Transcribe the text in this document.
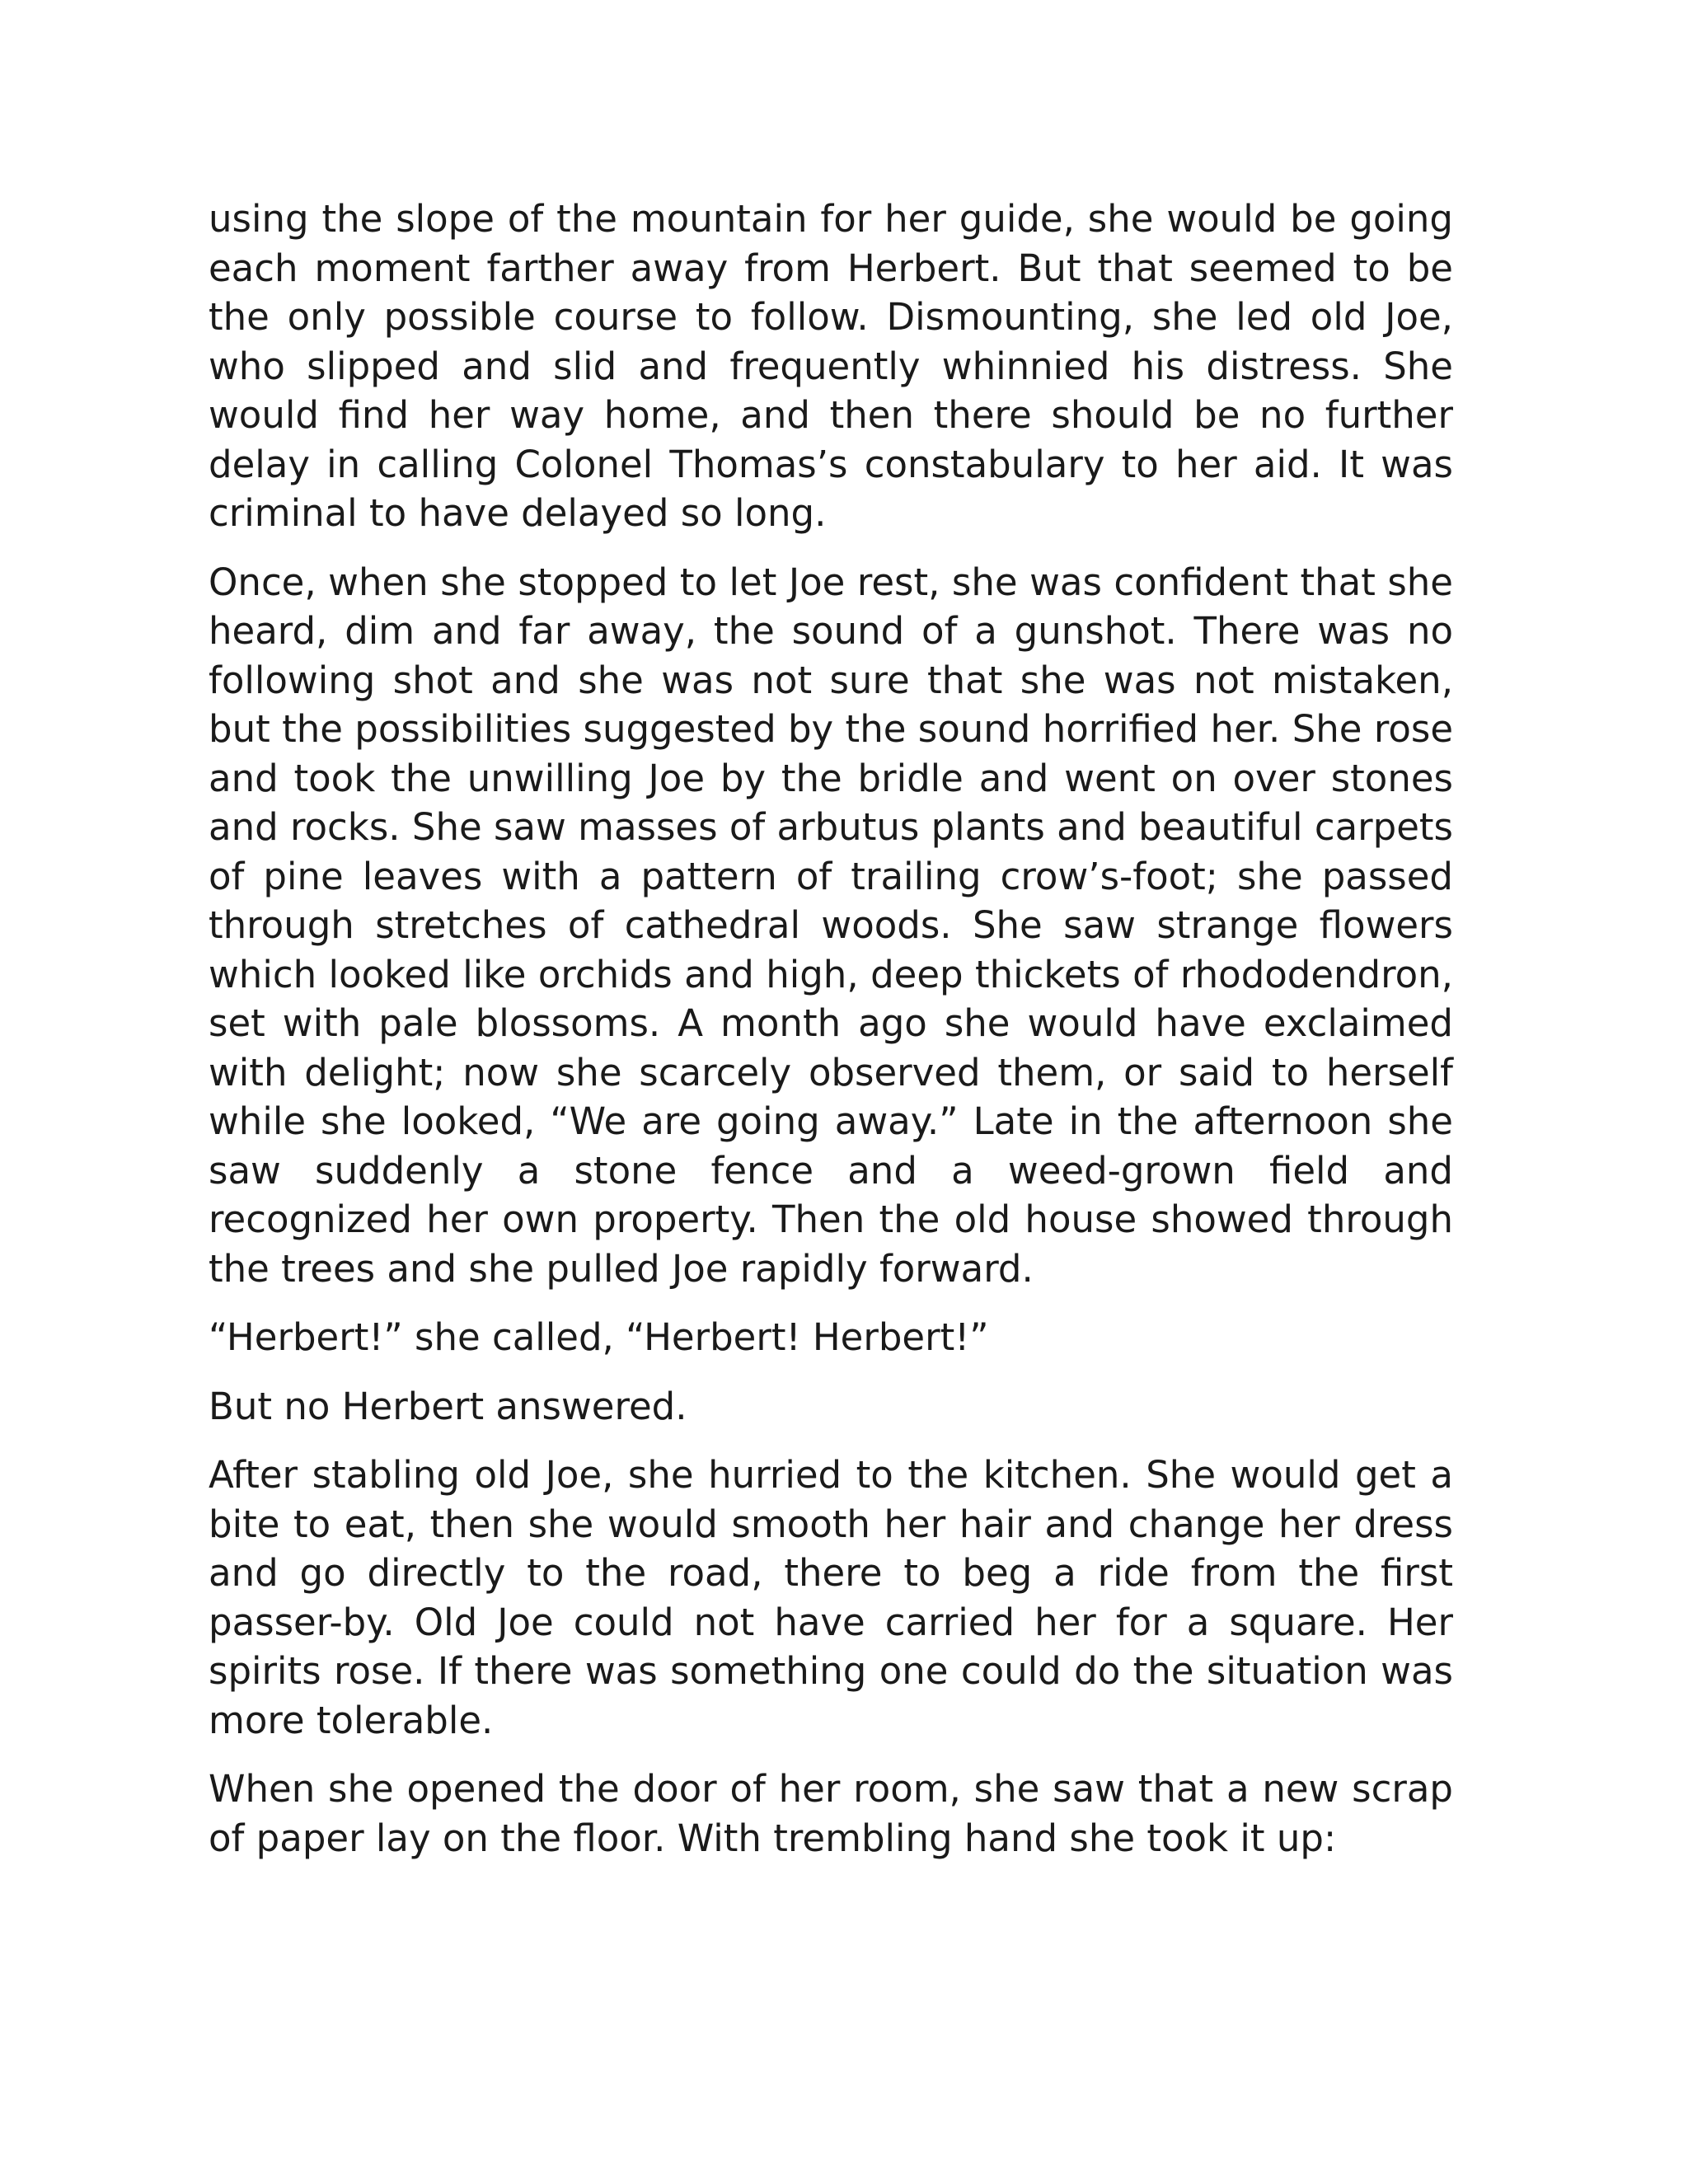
using the slope of the mountain for her guide, she would be going each moment farther away from Herbert. But that seemed to be the only possible course to follow. Dismounting, she led old Joe, who slipped and slid and frequently whinnied his distress. She would find her way home, and then there should be no further delay in calling Colonel Thomas’s constabulary to her aid. It was criminal to have delayed so long.

Once, when she stopped to let Joe rest, she was confident that she heard, dim and far away, the sound of a gunshot. There was no following shot and she was not sure that she was not mistaken, but the possibilities suggested by the sound horrified her. She rose and took the unwilling Joe by the bridle and went on over stones and rocks. She saw masses of arbutus plants and beautiful carpets of pine leaves with a pattern of trailing crow’s-foot; she passed through stretches of cathedral woods. She saw strange flowers which looked like orchids and high, deep thickets of rhododendron, set with pale blossoms. A month ago she would have exclaimed with delight; now she scarcely observed them, or said to herself while she looked, “We are going away.” Late in the afternoon she saw suddenly a stone fence and a weed-grown field and recognized her own property. Then the old house showed through the trees and she pulled Joe rapidly forward.

“Herbert!” she called, “Herbert! Herbert!”

But no Herbert answered.

After stabling old Joe, she hurried to the kitchen. She would get a bite to eat, then she would smooth her hair and change her dress and go directly to the road, there to beg a ride from the first passer-by. Old Joe could not have carried her for a square. Her spirits rose. If there was something one could do the situation was more tolerable.

When she opened the door of her room, she saw that a new scrap of paper lay on the floor. With trembling hand she took it up:
